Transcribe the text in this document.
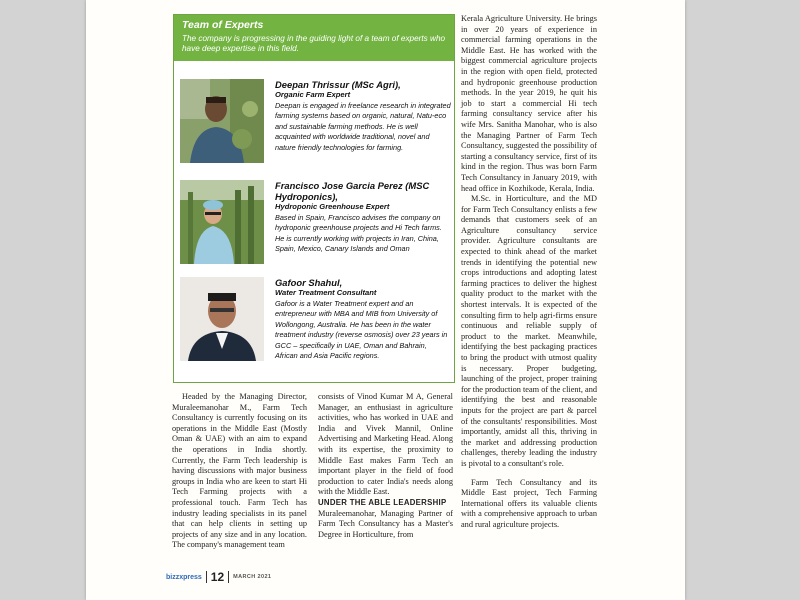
Team of Experts
The company is progressing in the guiding light of a team of experts who have deep expertise in this field.
Deepan Thrissur (MSc Agri),
Organic Farm Expert
Deepan is engaged in freelance research in integrated farming systems based on organic, natural, Natu-eco and sustainable farming methods. He is well acquainted with worldwide traditional, novel and nature friendly technologies for farming.
Francisco Jose Garcia Perez (MSC Hydroponics),
Hydroponic Greenhouse Expert
Based in Spain, Francisco advises the company on hydroponic greenhouse projects and Hi Tech farms. He is currently working with projects in Iran, China, Spain, Mexico, Canary Islands and Oman
Gafoor Shahul,
Water Treatment Consultant
Gafoor is a Water Treatment expert and an entrepreneur with MBA and MIB from University of Wollongong, Australia. He has been in the water treatment industry (reverse osmosis) over 23 years in GCC – specifically in UAE, Oman and Bahrain, African and Asia Pacific regions.

Headed by the Managing Director, Muraleemanohar M., Farm Tech Consultancy is currently focusing on its operations in the Middle East (Mostly Oman & UAE) with an aim to expand the operations in India shortly. Currently, the Farm Tech leadership is having discussions with major business groups in India who are keen to start Hi Tech Farming projects with a professional touch. Farm Tech has industry leading specialists in its panel that can help clients in setting up projects of any size and in any location. The company's management team

consists of Vinod Kumar M A, General Manager, an enthusiast in agriculture activities, who has worked in UAE and India and Vivek Mannil, Online Advertising and Marketing Head. Along with its expertise, the proximity to Middle East makes Farm Tech an important player in the field of food production to cater India's needs along with the Middle East.

UNDER THE ABLE LEADERSHIP

Muraleemanohar, Managing Partner of Farm Tech Consultancy has a Master's Degree in Horticulture, from

Kerala Agriculture University. He brings in over 20 years of experience in commercial farming operations in the Middle East. He has worked with the biggest commercial agriculture projects in the region with open field, protected and hydroponic greenhouse production methods. In the year 2019, he quit his job to start a commercial Hi tech farming consultancy service after his wife Mrs. Sanitha Manohar, who is also the Managing Partner of Farm Tech Consultancy, suggested the possibility of starting a consultancy service, first of its kind in the region. Thus was born Farm Tech Consultancy in January 2019, with head office in Kozhikode, Kerala, India.

M.Sc. in Horticulture, and the MD for Farm Tech Consultancy enlists a few demands that customers seek of an Agriculture consultancy service provider. Agriculture consultants are expected to think ahead of the market trends in identifying the potential new crops introductions and adopting latest farming practices to deliver the highest quality product to the market with the shortest intervals. It is expected of the consulting firm to help agri-firms ensure continuous and reliable supply of product to the market. Meanwhile, identifying the best packaging practices to bring the product with utmost quality is necessary. Proper budgeting, launching of the project, proper training for the production team of the client, and identifying the best and reasonable inputs for the project are part & parcel of the consultants' responsibilities. Most importantly, amidst all this, thriving in the market and addressing production challenges, thereby leading the industry is pivotal to a consultant's role.

Farm Tech Consultancy and its Middle East project, Tech Farming International offers its valuable clients with a comprehensive approach to urban and rural agriculture projects.

bizzxpress 12 MARCH 2021
